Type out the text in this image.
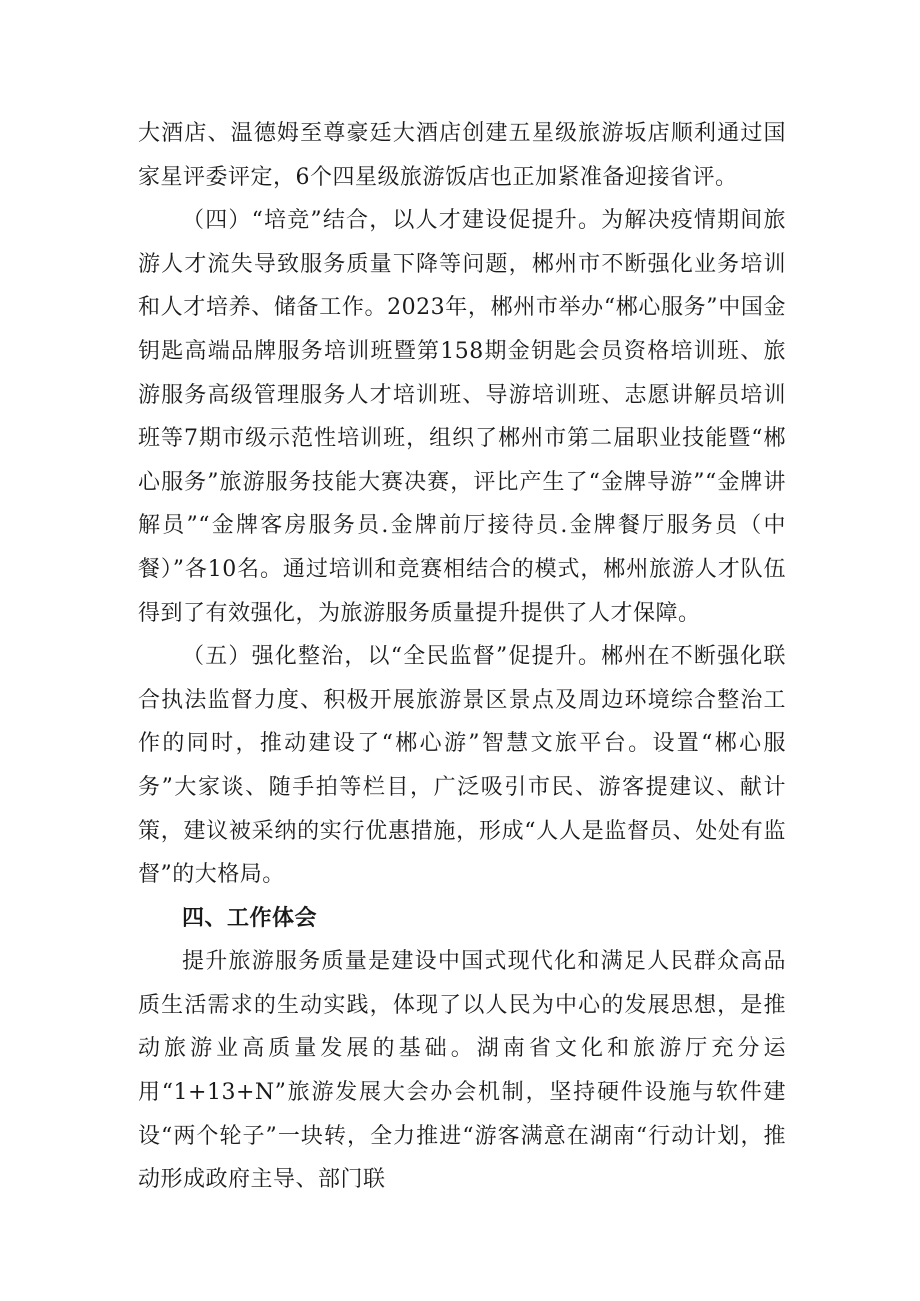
大酒店、温德姆至尊豪廷大酒店创建五星级旅游坂店顺利通过国家星评委评定，6个四星级旅游饭店也正加紧准备迎接省评。

（四）“培竞”结合，以人才建设促提升。为解决疫情期间旅游人才流失导致服务质量下降等问题，郴州市不断强化业务培训和人才培养、储备工作。2023年，郴州市举办“郴心服务”中国金钥匙高端品牌服务培训班暨第158期金钥匙会员资格培训班、旅游服务高级管理服务人才培训班、导游培训班、志愿讲解员培训班等7期市级示范性培训班，组织了郴州市第二届职业技能暨“郴心服务”旅游服务技能大赛决赛，评比产生了“金牌导游”“金牌讲解员”“金牌客房服务员.金牌前厅接待员.金牌餐厅服务员（中餐）”各10名。通过培训和竞赛相结合的模式，郴州旅游人才队伍得到了有效强化，为旅游服务质量提升提供了人才保障。

（五）强化整治，以“全民监督”促提升。郴州在不断强化联合执法监督力度、积极开展旅游景区景点及周边环境综合整治工作的同时，推动建设了“郴心游”智慧文旅平台。设置“郴心服务”大家谈、随手拍等栏目，广泛吸引市民、游客提建议、献计策，建议被采纳的实行优惠措施，形成“人人是监督员、处处有监督”的大格局。

四、工作体会

提升旅游服务质量是建设中国式现代化和满足人民群众高品质生活需求的生动实践，体现了以人民为中心的发展思想，是推动旅游业高质量发展的基础。湖南省文化和旅游厅充分运用“1+13+N”旅游发展大会办会机制，坚持硬件设施与软件建设“两个轮子”一块转，全力推进“游客满意在湖南“行动计划，推动形成政府主导、部门联
